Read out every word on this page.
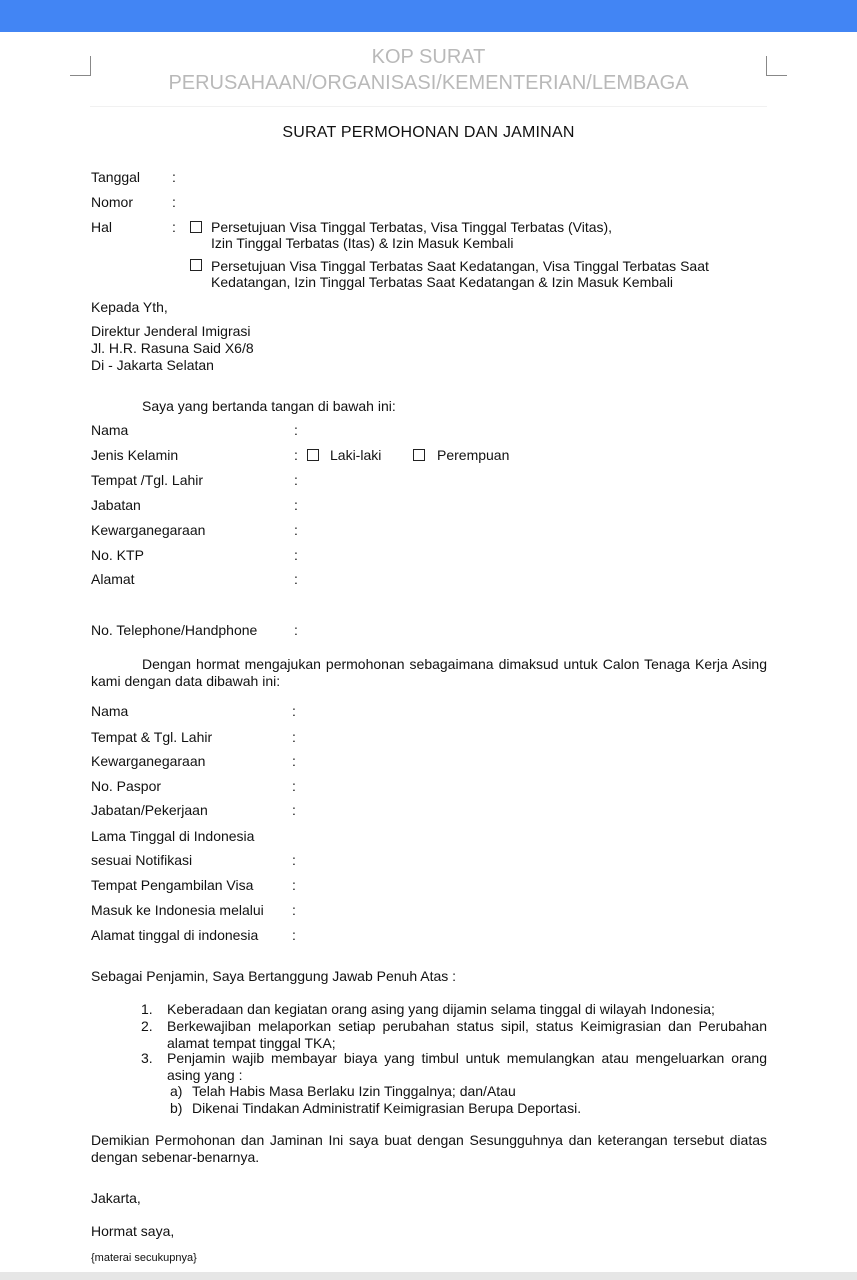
KOP SURAT
PERUSAHAAN/ORGANISASI/KEMENTERIAN/LEMBAGA
SURAT PERMOHONAN DAN JAMINAN
Tanggal :
Nomor	:
Hal	:	Persetujuan Visa Tinggal Terbatas, Visa Tinggal Terbatas (Vitas),
Izin Tinggal Terbatas (Itas) & Izin Masuk Kembali
Persetujuan Visa Tinggal Terbatas Saat Kedatangan, Visa Tinggal Terbatas Saat
Kedatangan, Izin Tinggal Terbatas Saat Kedatangan & Izin Masuk Kembali
Kepada Yth,
Direktur Jenderal Imigrasi
Jl. H.R. Rasuna Said X6/8
Di - Jakarta Selatan
Saya yang bertanda tangan di bawah ini:
Nama	:
Jenis Kelamin	: Laki-laki	Perempuan
Tempat /Tgl. Lahir	:
Jabatan	:
Kewarganegaraan	:
No. KTP	:
Alamat	:
No. Telephone/Handphone	:
Dengan hormat mengajukan permohonan sebagaimana dimaksud untuk Calon Tenaga Kerja Asing kami dengan data dibawah ini:
Nama	:
Tempat & Tgl. Lahir	:
Kewarganegaraan	:
No. Paspor	:
Jabatan/Pekerjaan	:
Lama Tinggal di Indonesia
sesuai Notifikasi	:
Tempat Pengambilan Visa	:
Masuk ke Indonesia melalui :
Alamat tinggal di indonesia :
Sebagai Penjamin, Saya Bertanggung Jawab Penuh Atas :
1. Keberadaan dan kegiatan orang asing yang dijamin selama tinggal di wilayah Indonesia;
2. Berkewajiban melaporkan setiap perubahan status sipil, status Keimigrasian dan Perubahan alamat tempat tinggal TKA;
3. Penjamin wajib membayar biaya yang timbul untuk memulangkan atau mengeluarkan orang asing yang :
a) Telah Habis Masa Berlaku Izin Tinggalnya; dan/Atau
b) Dikenai Tindakan Administratif Keimigrasian Berupa Deportasi.
Demikian Permohonan dan Jaminan Ini saya buat dengan Sesungguhnya dan keterangan tersebut diatas dengan sebenar-benarnya.
Jakarta,
Hormat saya,
{materai secukupnya}
